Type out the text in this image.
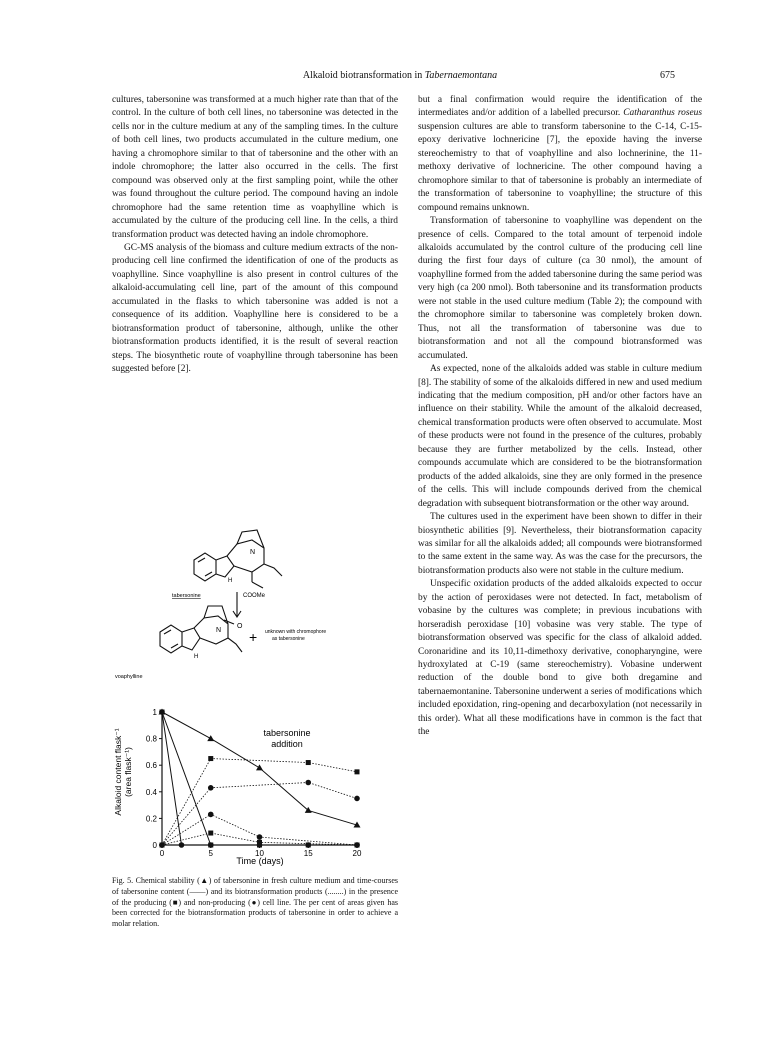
Alkaloid biotransformation in Tabernaemontana	675

cultures, tabersonine was transformed at a much higher rate than that of the control. In the culture of both cell lines, no tabersonine was detected in the cells nor in the culture medium at any of the sampling times. In the culture of both cell lines, two products accumulated in the culture medium, one having a chromophore similar to that of tabersonine and the other with an indole chromophore; the latter also occurred in the cells. The first compound was observed only at the first sampling point, while the other was found throughout the culture period. The compound having an indole chromophore had the same retention time as voaphylline which is accumulated by the culture of the producing cell line. In the cells, a third transformation product was detected having an indole chromophore.

GC-MS analysis of the biomass and culture medium extracts of the non-producing cell line confirmed the identification of one of the products as voaphylline. Since voaphylline is also present in control cultures of the alkaloid-accumulating cell line, part of the amount of this compound accumulated in the flasks to which tabersonine was added is not a consequence of its addition. Voaphylline here is considered to be a biotransformation product of tabersonine, although, unlike the other biotransformation products identified, it is the result of several reaction steps. The biosynthetic route of voaphylline through tabersonine has been suggested before [2].

but a final confirmation would require the identification of the intermediates and/or addition of a labelled precursor. Catharanthus roseus suspension cultures are able to transform tabersonine to the C-14, C-15-epoxy derivative lochnericine [7], the epoxide having the inverse stereochemistry to that of voaphylline and also lochnerinine, the 11-methoxy derivative of lochnericine. The other compound having a chromophore similar to that of tabersonine is probably an intermediate of the transformation of tabersonine to voaphylline; the structure of this compound remains unknown.

Transformation of tabersonine to voaphylline was dependent on the presence of cells. Compared to the total amount of terpenoid indole alkaloids accumulated by the control culture of the producing cell line during the first four days of culture (ca 30 nmol), the amount of voaphylline formed from the added tabersonine during the same period was very high (ca 200 nmol). Both tabersonine and its transformation products were not stable in the used culture medium (Table 2); the compound with the chromophore similar to tabersonine was completely broken down. Thus, not all the transformation of tabersonine was due to biotransformation and not all the compound biotransformed was accumulated.

As expected, none of the alkaloids added was stable in culture medium [8]. The stability of some of the alkaloids differed in new and used medium indicating that the medium composition, pH and/or other factors have an influence on their stability. While the amount of the alkaloid decreased, chemical transformation products were often observed to accumulate. Most of these products were not found in the presence of the cultures, probably because they are further metabolized by the cells. Instead, other compounds accumulate which are considered to be the biotransformation products of the added alkaloids, sine they are only formed in the presence of the cells. This will include compounds derived from the chemical degradation with subsequent biotransformation or the other way around.

The cultures used in the experiment have been shown to differ in their biosynthetic abilities [9]. Nevertheless, their biotransformation capacity was similar for all the alkaloids added; all compounds were biotransformed to the same extent in the same way. As was the case for the precursors, the biotransformation products also were not stable in the culture medium.

Unspecific oxidation products of the added alkaloids expected to occur by the action of peroxidases were not detected. In fact, metabolism of vobasine by the cultures was complete; in previous incubations with horseradish peroxidase [10] vobasine was very stable. The type of biotransformation observed was specific for the class of alkaloid added. Coronaridine and its 10,11-dimethoxy derivative, conopharyngine, were hydroxylated at C-19 (same stereochemistry). Vobasine underwent reduction of the double bond to give both dregamine and tabernaemontanine. Tabersonine underwent a series of modifications which included epoxidation, ring-opening and decarboxylation (not necessarily in this order). What all these modifications have in common is the fact that the

N
H
tabersonine	COOMe
N
O
H
+ unknown with chromophore
as tabersonine
voaphylline
0	5	10	15	20
0
0.2
0.4
0.6
0.8
1
tabersonine
addition
Time (days)
Alkaloid content flask⁻¹ (area flask⁻¹)
Fig. 5. Chemical stability (▲) of tabersonine in fresh culture medium and time-courses of tabersonine content (——) and its biotransformation products (........) in the presence of the producing (■) and non-producing (●) cell line. The per cent of areas given has been corrected for the biotransformation products of tabersonine in order to achieve a molar relation.
